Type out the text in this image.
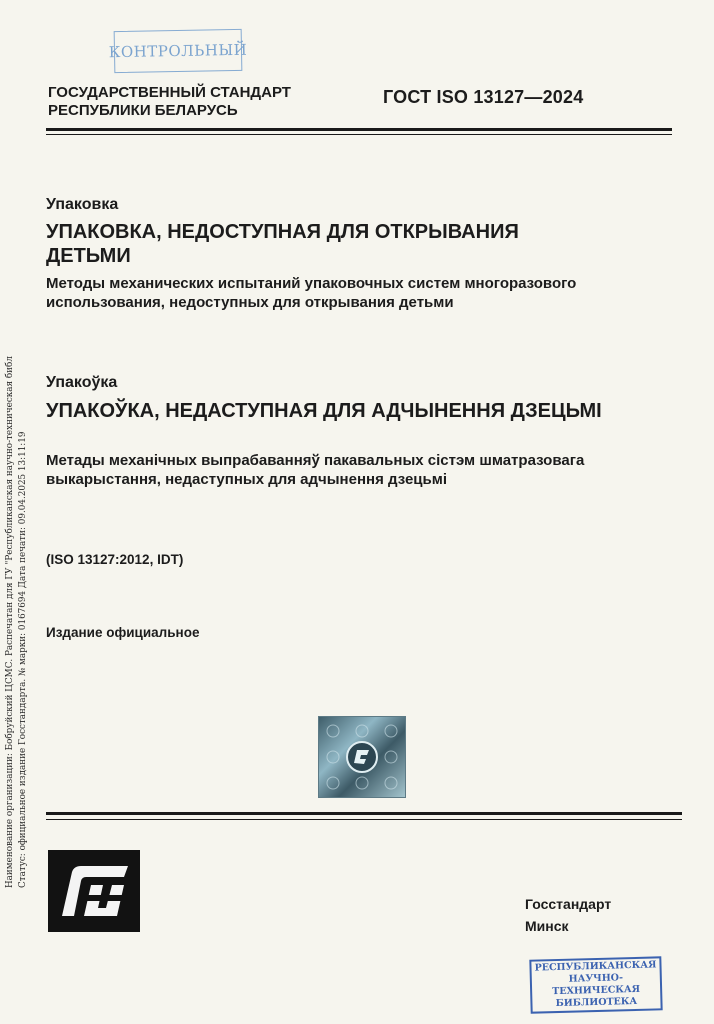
КОНТРОЛЬНЫЙ
ГОСУДАРСТВЕННЫЙ СТАНДАРТ
РЕСПУБЛИКИ БЕЛАРУСЬ
ГОСТ ISO 13127—2024
Упаковка
УПАКОВКА, НЕДОСТУПНАЯ ДЛЯ ОТКРЫВАНИЯ ДЕТЬМИ
Методы механических испытаний упаковочных систем многоразового использования, недоступных для открывания детьми
Упакоўка
УПАКОЎКА, НЕДАСТУПНАЯ ДЛЯ АДЧЫНЕННЯ ДЗЕЦЬМІ
Метады механічных выпрабаванняў пакавальных сістэм шматразовага выкарыстання, недаступных для адчынення дзецьмі
(ISO 13127:2012, IDT)
Издание официальное
Госстандарт
Минск
РЕСПУБЛИКАНСКАЯ
НАУЧНО-ТЕХНИЧЕСКАЯ
БИБЛИОТЕКА
Наименование организации: Бобруйский ЦСМС. Распечатан для ГУ "Республиканская научно-техническая библ Статус: официальное издание Госстандарта. № марки: 0167694 Дата печати: 09.04.2025 13:11:19
